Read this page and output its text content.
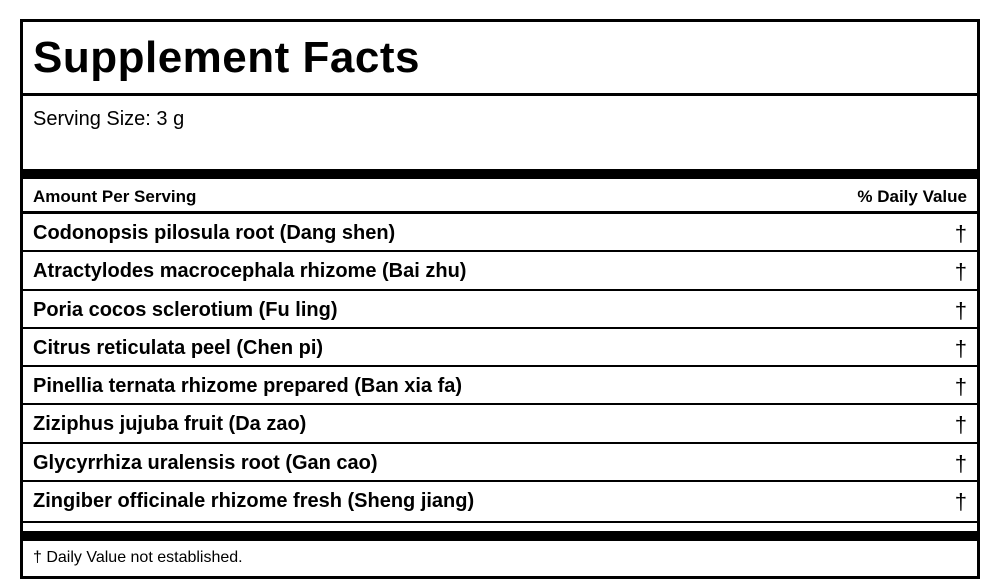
Supplement Facts
Serving Size: 3 g
Amount Per Serving	% Daily Value
Codonopsis pilosula root (Dang shen)	†
Atractylodes macrocephala rhizome (Bai zhu)	†
Poria cocos sclerotium (Fu ling)	†
Citrus reticulata peel (Chen pi)	†
Pinellia ternata rhizome prepared (Ban xia fa)	†
Ziziphus jujuba fruit (Da zao)	†
Glycyrrhiza uralensis root (Gan cao)	†
Zingiber officinale rhizome fresh (Sheng jiang)	†
† Daily Value not established.
